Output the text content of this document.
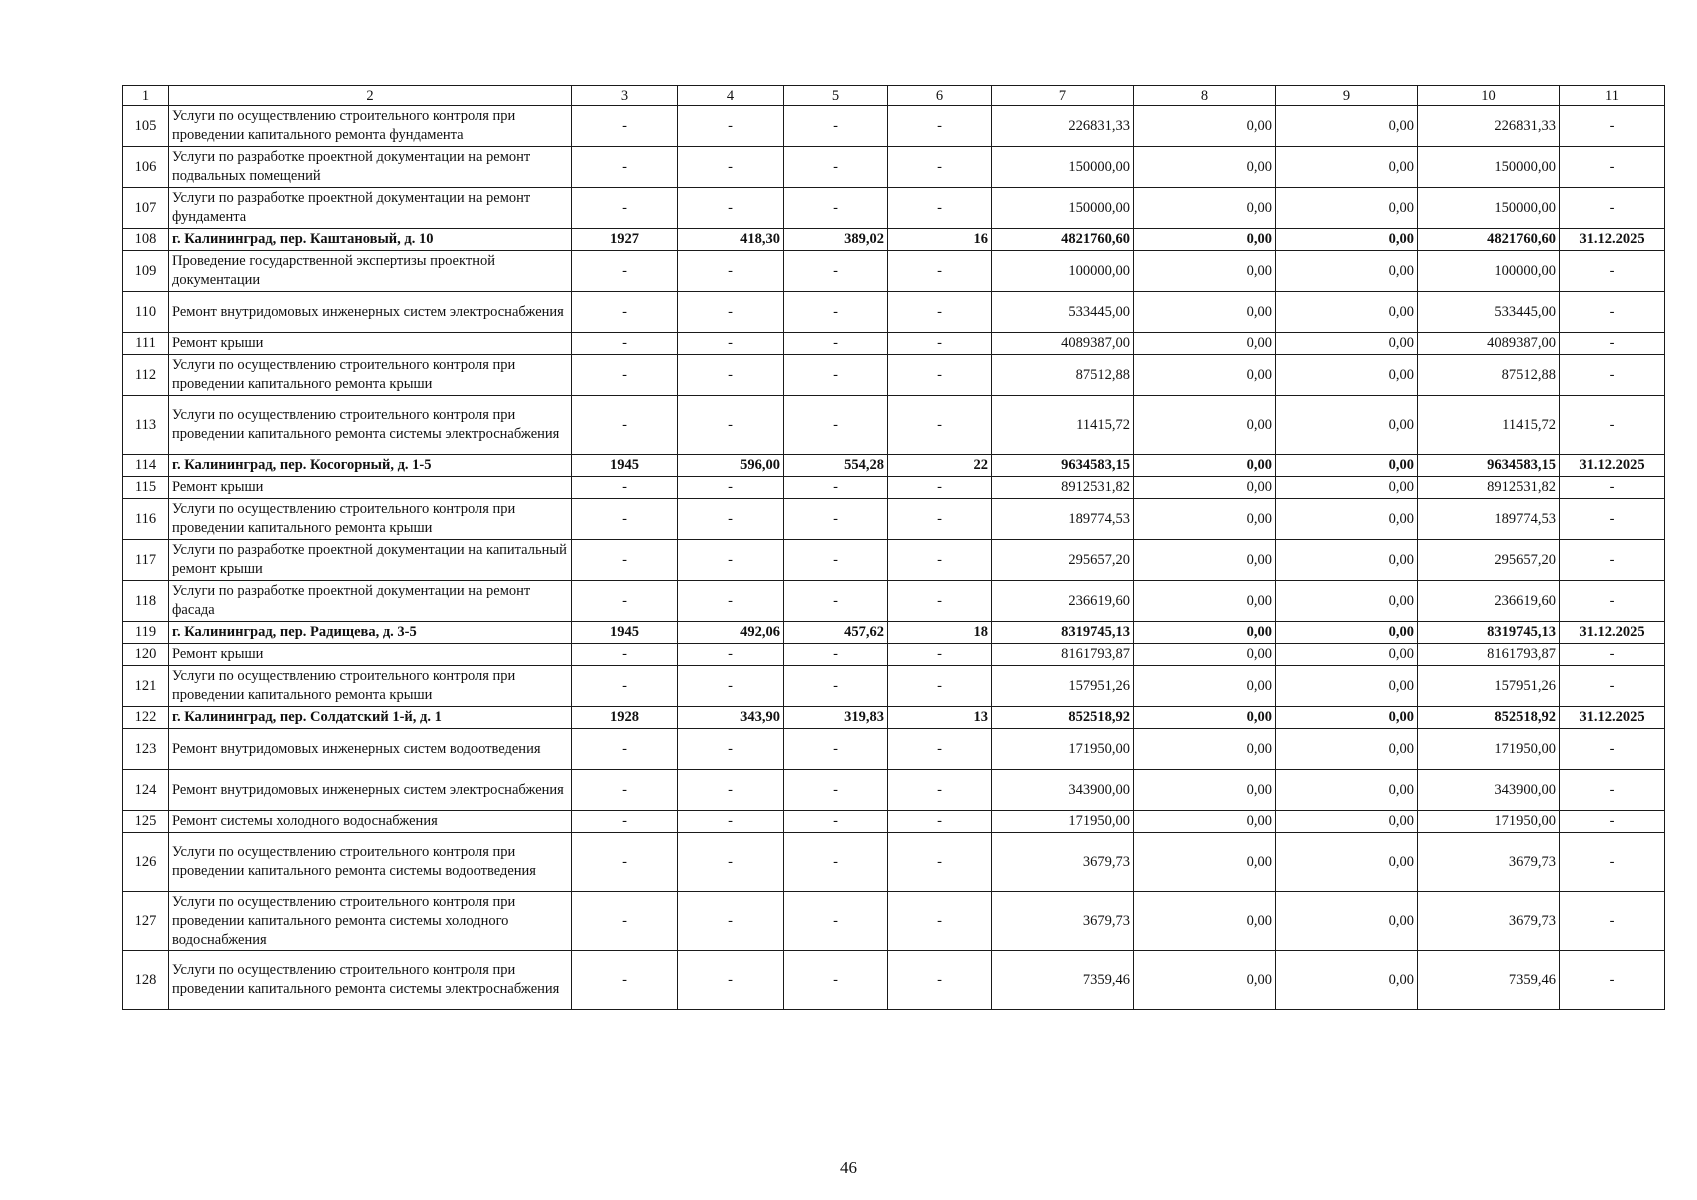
1	2	3	4	5	6	7	8	9	10	11
105	Услуги по осуществлению строительного контроля при проведении капитального ремонта фундамента	-	-	-	-	226831,33	0,00	0,00	226831,33	-
106	Услуги по разработке проектной документации на ремонт подвальных помещений	-	-	-	-	150000,00	0,00	0,00	150000,00	-
107	Услуги по разработке проектной документации на ремонт фундамента	-	-	-	-	150000,00	0,00	0,00	150000,00	-
108	г. Калининград, пер. Каштановый, д. 10	1927	418,30	389,02	16	4821760,60	0,00	0,00	4821760,60	31.12.2025
109	Проведение государственной экспертизы проектной документации	-	-	-	-	100000,00	0,00	0,00	100000,00	-
110	Ремонт внутридомовых инженерных систем электроснабжения	-	-	-	-	533445,00	0,00	0,00	533445,00	-
111	Ремонт крыши	-	-	-	-	4089387,00	0,00	0,00	4089387,00	-
112	Услуги по осуществлению строительного контроля при проведении капитального ремонта крыши	-	-	-	-	87512,88	0,00	0,00	87512,88	-
113	Услуги по осуществлению строительного контроля при проведении капитального ремонта системы электроснабжения	-	-	-	-	11415,72	0,00	0,00	11415,72	-
114	г. Калининград, пер. Косогорный, д. 1-5	1945	596,00	554,28	22	9634583,15	0,00	0,00	9634583,15	31.12.2025
115	Ремонт крыши	-	-	-	-	8912531,82	0,00	0,00	8912531,82	-
116	Услуги по осуществлению строительного контроля при проведении капитального ремонта крыши	-	-	-	-	189774,53	0,00	0,00	189774,53	-
117	Услуги по разработке проектной документации на капитальный ремонт крыши	-	-	-	-	295657,20	0,00	0,00	295657,20	-
118	Услуги по разработке проектной документации на ремонт фасада	-	-	-	-	236619,60	0,00	0,00	236619,60	-
119	г. Калининград, пер. Радищева, д. 3-5	1945	492,06	457,62	18	8319745,13	0,00	0,00	8319745,13	31.12.2025
120	Ремонт крыши	-	-	-	-	8161793,87	0,00	0,00	8161793,87	-
121	Услуги по осуществлению строительного контроля при проведении капитального ремонта крыши	-	-	-	-	157951,26	0,00	0,00	157951,26	-
122	г. Калининград, пер. Солдатский 1-й, д. 1	1928	343,90	319,83	13	852518,92	0,00	0,00	852518,92	31.12.2025
123	Ремонт внутридомовых инженерных систем водоотведения	-	-	-	-	171950,00	0,00	0,00	171950,00	-
124	Ремонт внутридомовых инженерных систем электроснабжения	-	-	-	-	343900,00	0,00	0,00	343900,00	-
125	Ремонт системы холодного водоснабжения	-	-	-	-	171950,00	0,00	0,00	171950,00	-
126	Услуги по осуществлению строительного контроля при проведении капитального ремонта системы водоотведения	-	-	-	-	3679,73	0,00	0,00	3679,73	-
127	Услуги по осуществлению строительного контроля при проведении капитального ремонта системы холодного водоснабжения	-	-	-	-	3679,73	0,00	0,00	3679,73	-
128	Услуги по осуществлению строительного контроля при проведении капитального ремонта системы электроснабжения	-	-	-	-	7359,46	0,00	0,00	7359,46	-
46
